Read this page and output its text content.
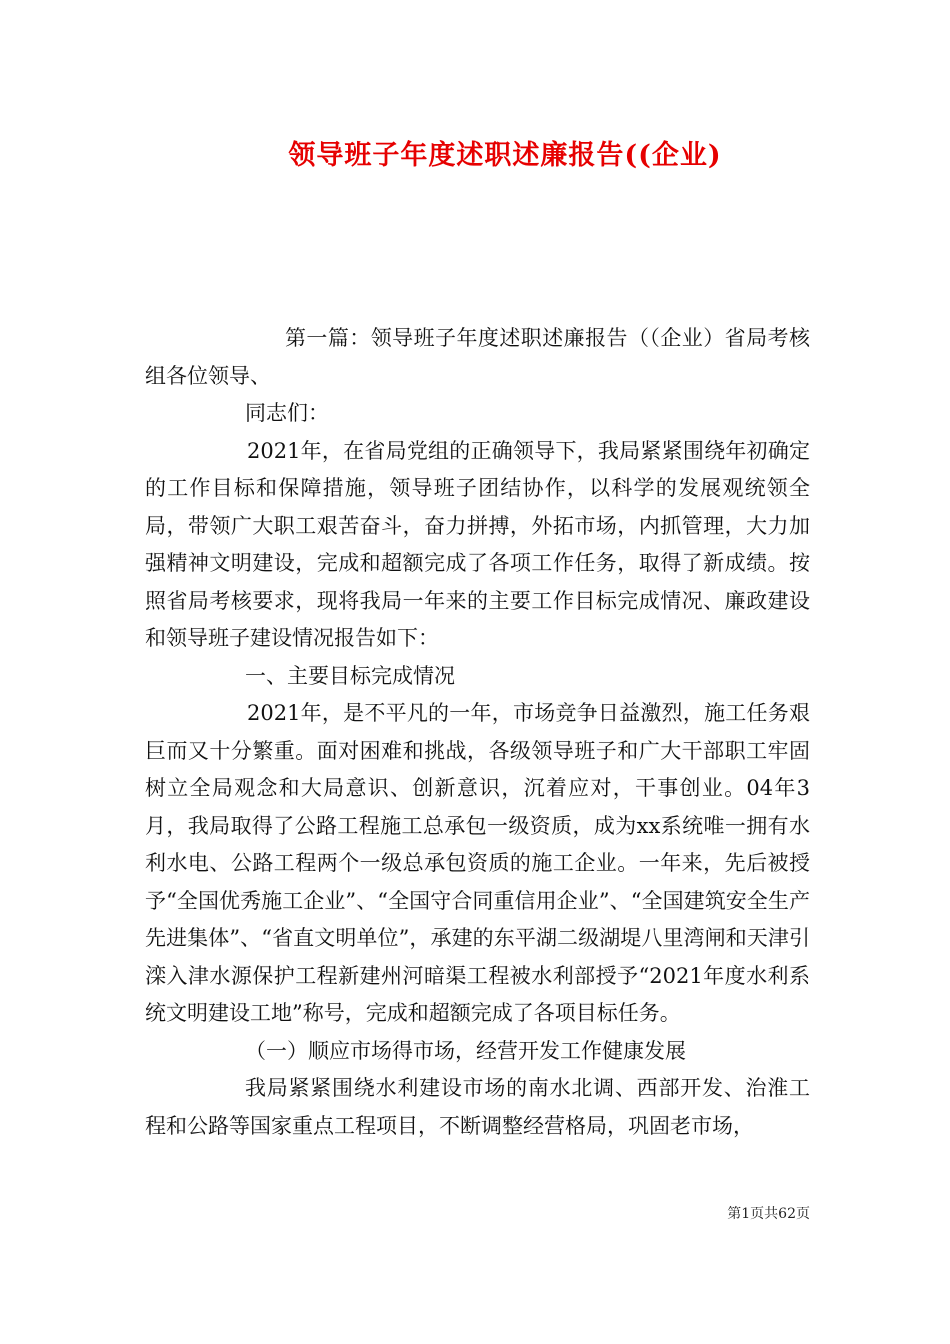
领导班子年度述职述廉报告((企业)

第一篇：领导班子年度述职述廉报告（（企业）省局考核组各位领导、

同志们：

2021年，在省局党组的正确领导下，我局紧紧围绕年初确定的工作目标和保障措施，领导班子团结协作，以科学的发展观统领全局，带领广大职工艰苦奋斗，奋力拼搏，外拓市场，内抓管理，大力加强精神文明建设，完成和超额完成了各项工作任务，取得了新成绩。按照省局考核要求，现将我局一年来的主要工作目标完成情况、廉政建设和领导班子建设情况报告如下：

一、主要目标完成情况

2021年，是不平凡的一年，市场竞争日益激烈，施工任务艰巨而又十分繁重。面对困难和挑战，各级领导班子和广大干部职工牢固树立全局观念和大局意识、创新意识，沉着应对，干事创业。04年3月，我局取得了公路工程施工总承包一级资质，成为xx系统唯一拥有水利水电、公路工程两个一级总承包资质的施工企业。一年来，先后被授予“全国优秀施工企业”、“全国守合同重信用企业”、“全国建筑安全生产先进集体”、“省直文明单位”，承建的东平湖二级湖堤八里湾闸和天津引滦入津水源保护工程新建州河暗渠工程被水利部授予“2021年度水利系统文明建设工地”称号，完成和超额完成了各项目标任务。

（一）顺应市场得市场，经营开发工作健康发展

我局紧紧围绕水利建设市场的南水北调、西部开发、治淮工程和公路等国家重点工程项目，不断调整经营格局，巩固老市场，

第1页共62页
